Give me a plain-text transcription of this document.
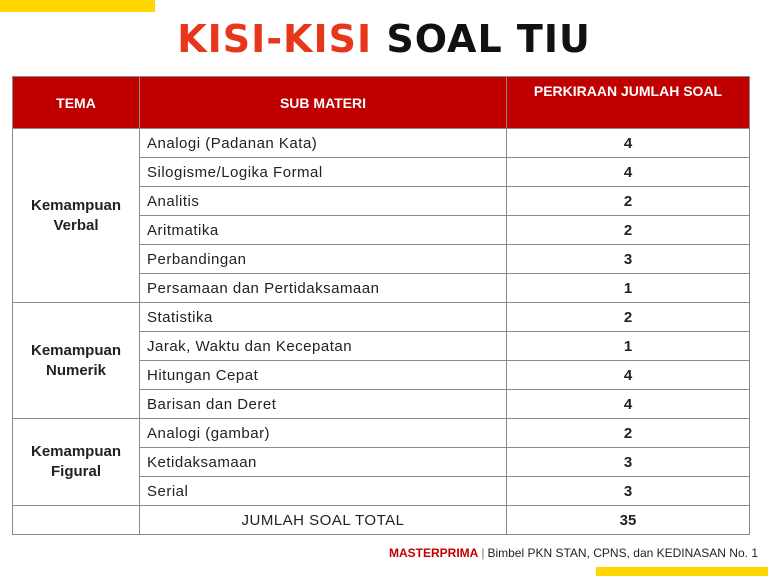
KISI-KISI SOAL TIU
TEMA	SUB MATERI	PERKIRAAN JUMLAH SOAL
Kemampuan
Verbal	Analogi (Padanan Kata)	4
	Silogisme/Logika Formal	4
	Analitis	2
	Aritmatika	2
	Perbandingan	3
	Persamaan dan Pertidaksamaan	1
Kemampuan
Numerik	Statistika	2
	Jarak, Waktu dan Kecepatan	1
	Hitungan Cepat	4
	Barisan dan Deret	4
Kemampuan
Figural	Analogi (gambar)	2
	Ketidaksamaan	3
	Serial	3
	JUMLAH SOAL TOTAL	35
MASTERPRIMA | Bimbel PKN STAN, CPNS, dan KEDINASAN No. 1
